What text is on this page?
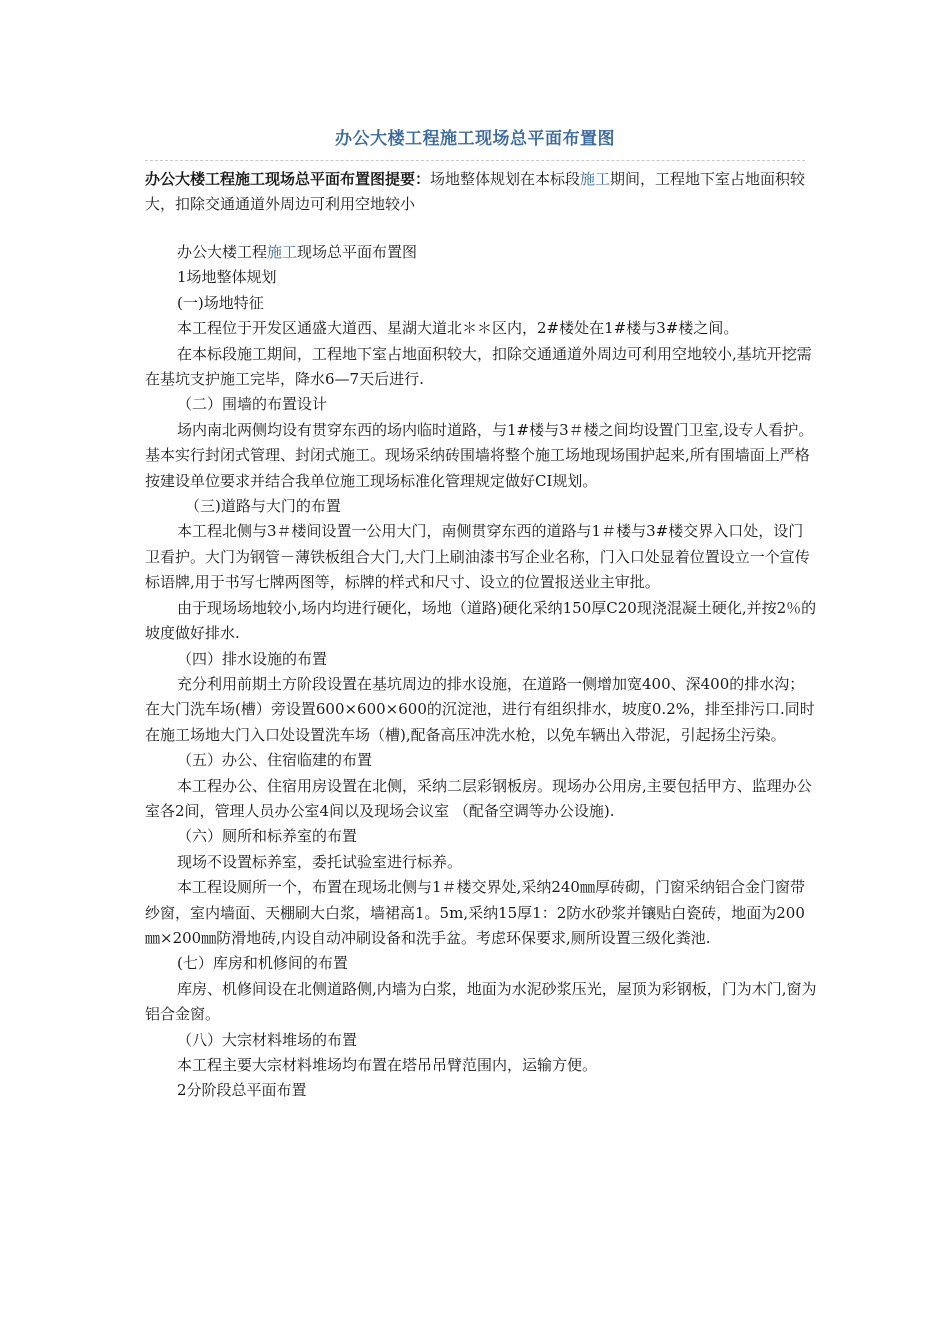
办公大楼工程施工现场总平面布置图
办公大楼工程施工现场总平面布置图提要：场地整体规划在本标段施工期间，工程地下室占地面积较大，扣除交通通道外周边可利用空地较小

办公大楼工程施工现场总平面布置图

1场地整体规划

(一)场地特征

本工程位于开发区通盛大道西、星湖大道北＊＊区内，2#楼处在1#楼与3#楼之间。

在本标段施工期间，工程地下室占地面积较大，扣除交通通道外周边可利用空地较小,基坑开挖需在基坑支护施工完毕，降水6—7天后进行.

（二）围墙的布置设计

场内南北两侧均设有贯穿东西的场内临时道路，与1#楼与3＃楼之间均设置门卫室,设专人看护。基本实行封闭式管理、封闭式施工。现场采纳砖围墙将整个施工场地现场围护起来,所有围墙面上严格按建设单位要求并结合我单位施工现场标准化管理规定做好CI规划。

（三)道路与大门的布置

本工程北侧与3＃楼间设置一公用大门，南侧贯穿东西的道路与1＃楼与3#楼交界入口处，设门卫看护。大门为钢管－薄铁板组合大门,大门上刷油漆书写企业名称，门入口处显着位置设立一个宣传标语牌,用于书写七牌两图等，标牌的样式和尺寸、设立的位置报送业主审批。

由于现场场地较小,场内均进行硬化，场地（道路)硬化采纳150厚C20现浇混凝土硬化,并按2％的坡度做好排水.

（四）排水设施的布置

充分利用前期土方阶段设置在基坑周边的排水设施，在道路一侧增加宽400、深400的排水沟；在大门洗车场(槽）旁设置600×600×600的沉淀池，进行有组织排水，坡度0.2%，排至排污口.同时在施工场地大门入口处设置洗车场（槽),配备高压冲洗水枪，以免车辆出入带泥，引起扬尘污染。

（五）办公、住宿临建的布置

本工程办公、住宿用房设置在北侧，采纳二层彩钢板房。现场办公用房,主要包括甲方、监理办公室各2间，管理人员办公室4间以及现场会议室 （配备空调等办公设施).

（六）厕所和标养室的布置

现场不设置标养室，委托试验室进行标养。

本工程设厕所一个，布置在现场北侧与1＃楼交界处,采纳240㎜厚砖砌，门窗采纳铝合金门窗带纱窗，室内墙面、天棚刷大白浆，墙裙高1。5m,采纳15厚1：2防水砂浆并镶贴白瓷砖，地面为200㎜×200㎜防滑地砖,内设自动冲刷设备和洗手盆。考虑环保要求,厕所设置三级化粪池.

(七）库房和机修间的布置

库房、机修间设在北侧道路侧,内墙为白浆，地面为水泥砂浆压光，屋顶为彩钢板，门为木门,窗为铝合金窗。

（八）大宗材料堆场的布置

本工程主要大宗材料堆场均布置在塔吊吊臂范围内，运输方便。

2分阶段总平面布置
